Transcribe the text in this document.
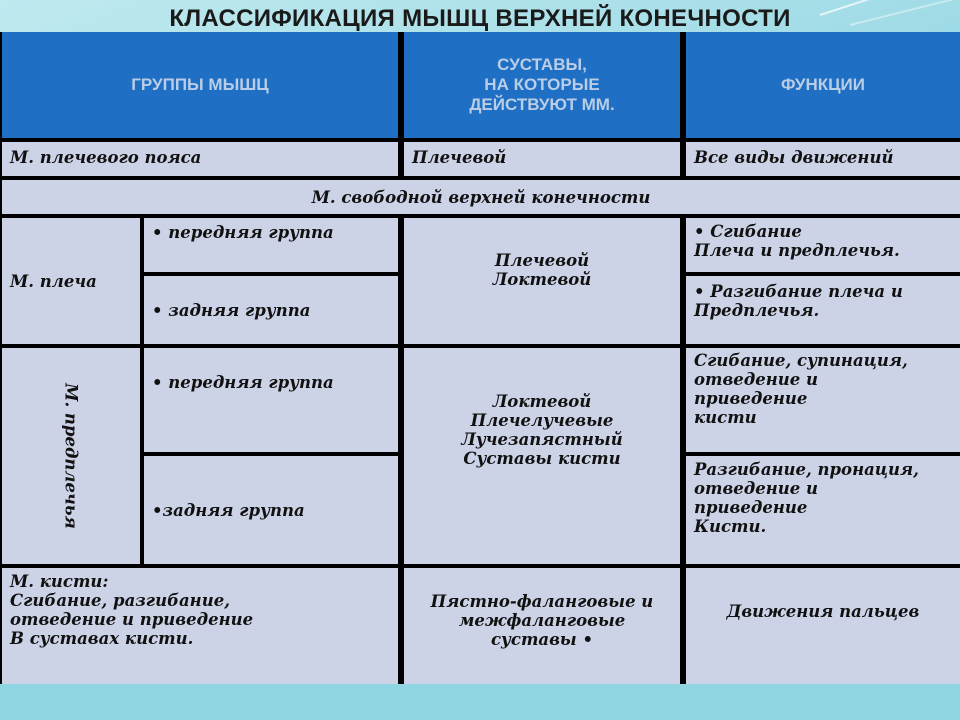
КЛАССИФИКАЦИЯ МЫШЦ ВЕРХНЕЙ КОНЕЧНОСТИ
ГРУППЫ МЫШЦ
СУСТАВЫ,
НА КОТОРЫЕ
ДЕЙСТВУЮТ ММ.
ФУНКЦИИ
М. плечевого пояса	Плечевой	Все виды движений
М. свободной верхней конечности
М. плеча
• передняя группа
• задняя группа
Плечевой
Локтевой
• Сгибание
Плеча и предплечья.
• Разгибание плеча и
Предплечья.
М. предплечья
• передняя группа
•задняя группа
Локтевой
Плечелучевые
Лучезапястный
Суставы кисти
Сгибание, супинация,
отведение и
приведение
кисти
Разгибание, пронация,
отведение и
приведение
Кисти.
М. кисти:
Сгибание, разгибание,
отведение и приведение
В суставах кисти.
Пястно-фаланговые и
межфаланговые
суставы •
Движения пальцев
